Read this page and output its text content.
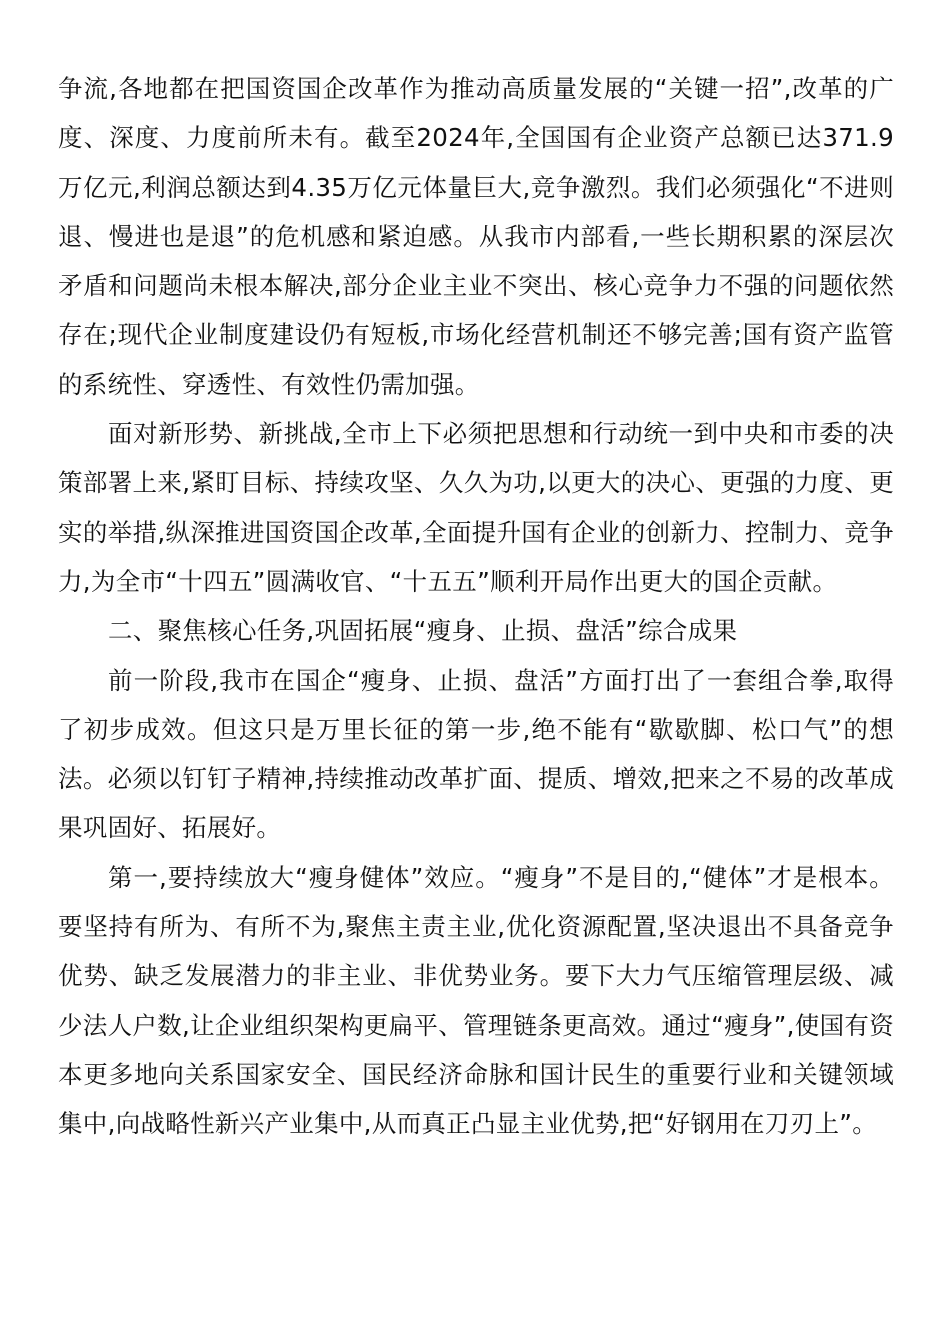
争流,各地都在把国资国企改革作为推动高质量发展的“关键一招”,改革的广度、深度、力度前所未有。截至2024年,全国国有企业资产总额已达371.9万亿元,利润总额达到4.35万亿元体量巨大,竞争激烈。我们必须强化“不进则退、慢进也是退”的危机感和紧迫感。从我市内部看,一些长期积累的深层次矛盾和问题尚未根本解决,部分企业主业不突出、核心竞争力不强的问题依然存在;现代企业制度建设仍有短板,市场化经营机制还不够完善;国有资产监管的系统性、穿透性、有效性仍需加强。

面对新形势、新挑战,全市上下必须把思想和行动统一到中央和市委的决策部署上来,紧盯目标、持续攻坚、久久为功,以更大的决心、更强的力度、更实的举措,纵深推进国资国企改革,全面提升国有企业的创新力、控制力、竞争力,为全市“十四五”圆满收官、“十五五”顺利开局作出更大的国企贡献。

二、聚焦核心任务,巩固拓展“瘦身、止损、盘活”综合成果

前一阶段,我市在国企“瘦身、止损、盘活”方面打出了一套组合拳,取得了初步成效。但这只是万里长征的第一步,绝不能有“歇歇脚、松口气”的想法。必须以钉钉子精神,持续推动改革扩面、提质、增效,把来之不易的改革成果巩固好、拓展好。

第一,要持续放大“瘦身健体”效应。“瘦身”不是目的,“健体”才是根本。要坚持有所为、有所不为,聚焦主责主业,优化资源配置,坚决退出不具备竞争优势、缺乏发展潜力的非主业、非优势业务。要下大力气压缩管理层级、减少法人户数,让企业组织架构更扁平、管理链条更高效。通过“瘦身”,使国有资本更多地向关系国家安全、国民经济命脉和国计民生的重要行业和关键领域集中,向战略性新兴产业集中,从而真正凸显主业优势,把“好钢用在刀刃上”。
